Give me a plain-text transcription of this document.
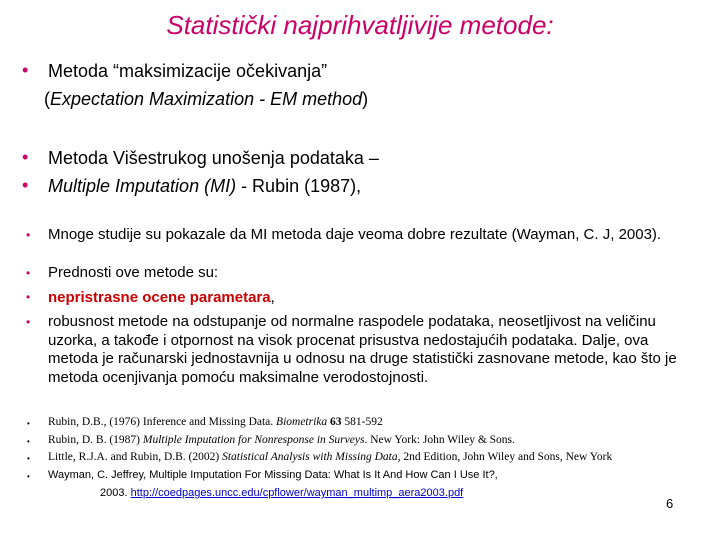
Statistički najprihvatljivije metode:
• Metoda “maksimizacije očekivanja”
(Expectation Maximization - EM method)
• Metoda Višestrukog unošenja podataka –
• Multiple Imputation (MI) - Rubin (1987),
• Mnoge studije su pokazale da MI metoda daje veoma dobre rezultate (Wayman, C. J, 2003).
• Prednosti ove metode su:
• nepristrasne ocene parametara,
• robusnost metode na odstupanje od normalne raspodele podataka, neosetljivost na veličinu uzorka, a takođe i otpornost na visok procenat prisustva nedostajućih podataka. Dalje, ova metoda je računarski jednostavnija u odnosu na druge statistički zasnovane metode, kao što je metoda ocenjivanja pomoću maksimalne verodostojnosti.
• Rubin, D.B., (1976) Inference and Missing Data. Biometrika 63 581-592
• Rubin, D. B. (1987) Multiple Imputation for Nonresponse in Surveys. New York: John Wiley & Sons.
• Little, R.J.A. and Rubin, D.B. (2002) Statistical Analysis with Missing Data, 2nd Edition, John Wiley and Sons, New York
• Wayman, C. Jeffrey, Multiple Imputation For Missing Data: What Is It And How Can I Use It?,
2003. http://coedpages.uncc.edu/cpflower/wayman_multimp_aera2003.pdf
6
